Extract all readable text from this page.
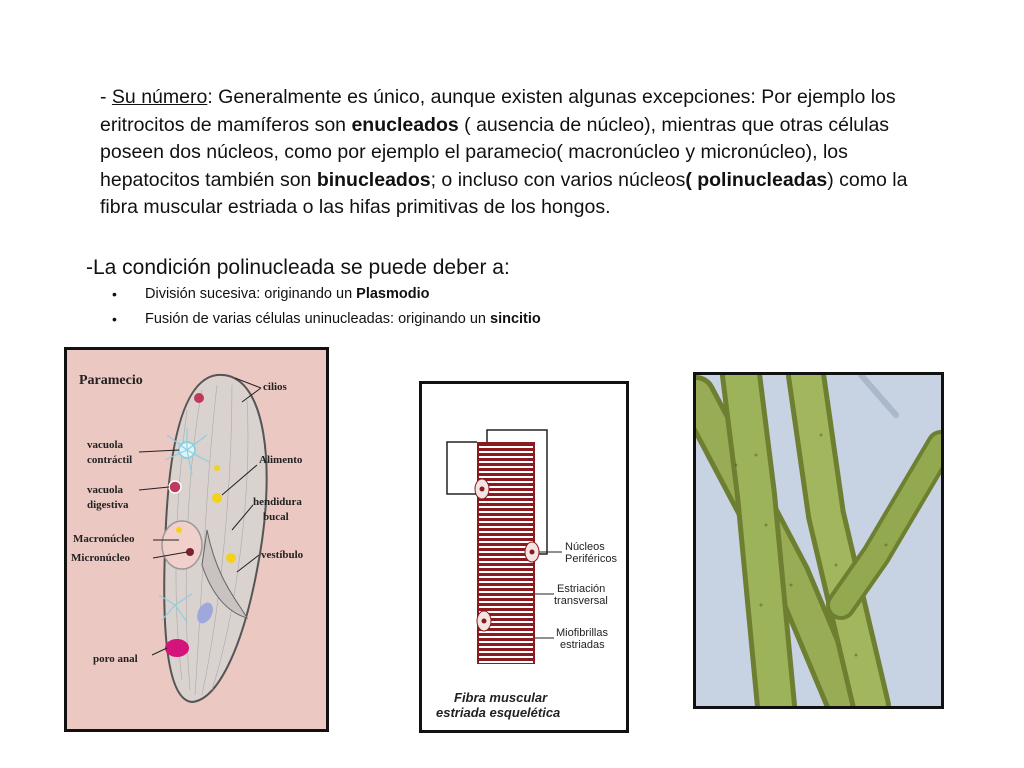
- Su número: Generalmente es único, aunque existen algunas excepciones: Por ejemplo los eritrocitos de mamíferos son enucleados ( ausencia de núcleo), mientras que otras células poseen dos núcleos, como por ejemplo el paramecio( macronúcleo y micronúcleo), los hepatocitos también son binucleados; o incluso con varios núcleos( polinucleadas) como la fibra muscular estriada o las hifas primitivas de los hongos.
-La condición polinucleada se puede deber a:
• División sucesiva: originando un Plasmodio
• Fusión de varias células uninucleadas: originando un sincitio
Paramecio	cilios
vacuola
contráctil	Alimento
vacuola
digestiva	hendidura
bucal
Macronúcleo
Micronúcleo	vestíbulo
poro anal
Núcleos
Periféricos
Estriación
transversal
Miofibrillas
estriadas
Fibra muscular
estriada esquelética
